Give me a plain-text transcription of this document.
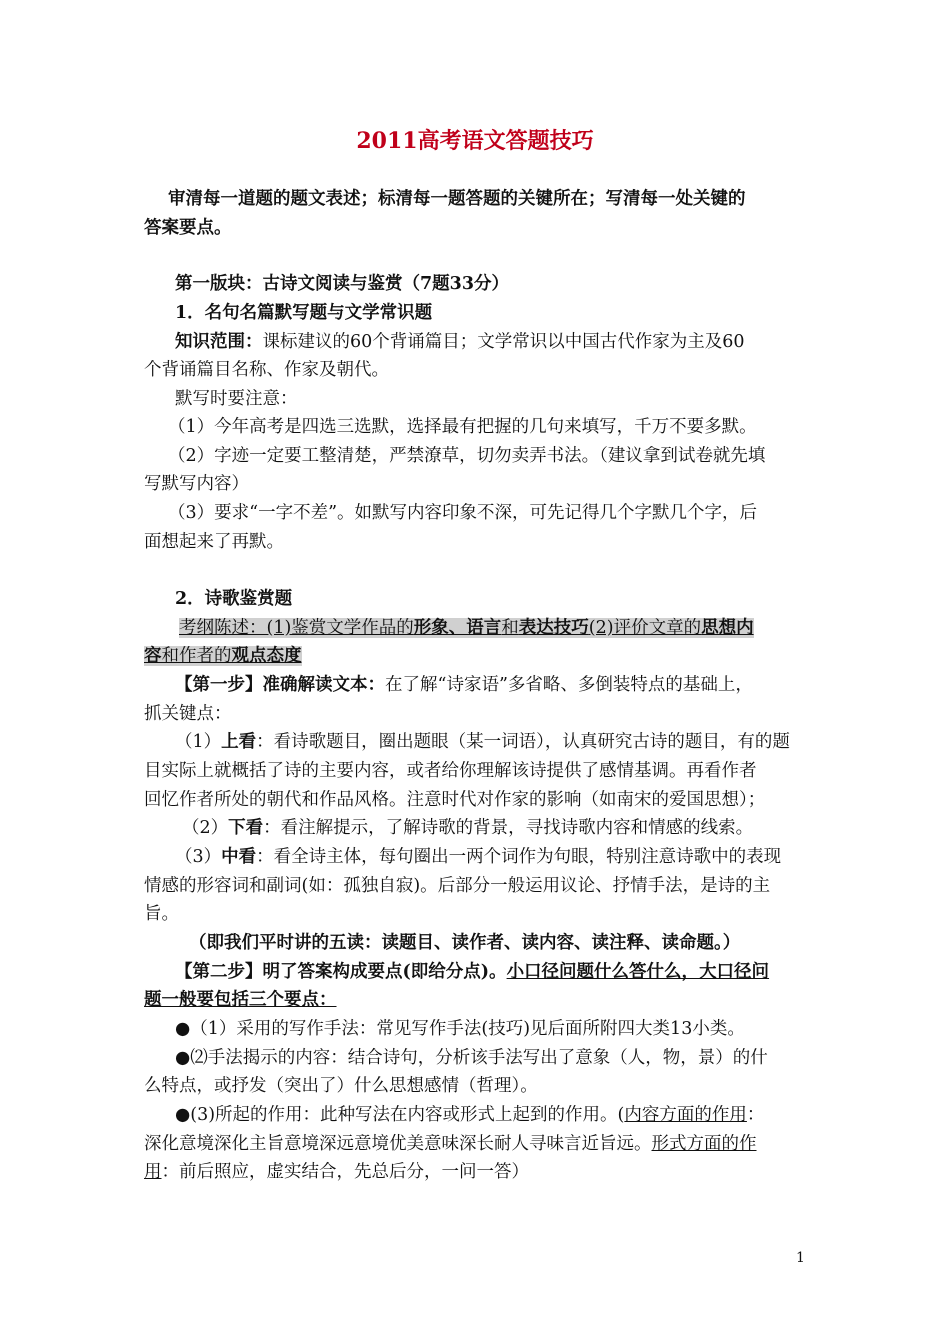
2011高考语文答题技巧
审清每一道题的题文表述；标清每一题答题的关键所在；写清每一处关键的
答案要点。
第一版块：古诗文阅读与鉴赏（7题33分）
1．名句名篇默写题与文学常识题
知识范围：课标建议的60个背诵篇目；文学常识以中国古代作家为主及60
个背诵篇目名称、作家及朝代。
默写时要注意：
（1）今年高考是四选三选默，选择最有把握的几句来填写，千万不要多默。
（2）字迹一定要工整清楚，严禁潦草，切勿卖弄书法。（建议拿到试卷就先填
写默写内容）
（3）要求“一字不差”。如默写内容印象不深，可先记得几个字默几个字，后
面想起来了再默。
2．诗歌鉴赏题
考纲陈述：(1)鉴赏文学作品的形象、语言和表达技巧(2)评价文章的思想内
容和作者的观点态度
【第一步】准确解读文本：在了解“诗家语”多省略、多倒装特点的基础上，
抓关键点：
（1）上看：看诗歌题目，圈出题眼（某一词语），认真研究古诗的题目，有的题
目实际上就概括了诗的主要内容，或者给你理解该诗提供了感情基调。再看作者
回忆作者所处的朝代和作品风格。注意时代对作家的影响（如南宋的爱国思想）；
（2）下看：看注解提示，了解诗歌的背景，寻找诗歌内容和情感的线索。
（3）中看：看全诗主体，每句圈出一两个词作为句眼，特别注意诗歌中的表现
情感的形容词和副词(如：孤独自寂)。后部分一般运用议论、抒情手法，是诗的主
旨。
（即我们平时讲的五读：读题目、读作者、读内容、读注释、读命题。）
【第二步】明了答案构成要点(即给分点)。小口径问题什么答什么，大口径问
题一般要包括三个要点：
●（1）采用的写作手法：常见写作手法(技巧)见后面所附四大类13小类。
●⑵手法揭示的内容：结合诗句，分析该手法写出了意象（人，物，景）的什
么特点，或抒发（突出了）什么思想感情（哲理）。
●(3)所起的作用：此种写法在内容或形式上起到的作用。(内容方面的作用：
深化意境深化主旨意境深远意境优美意味深长耐人寻味言近旨远。形式方面的作
用：前后照应，虚实结合，先总后分，一问一答）
1
